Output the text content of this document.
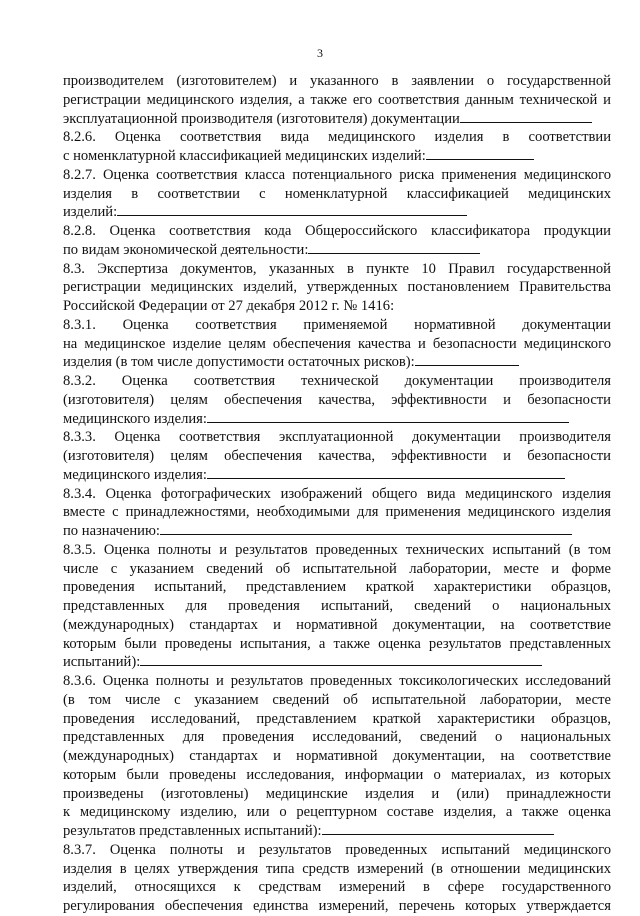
3

производителем (изготовителем) и указанного в заявлении о государственной
регистрации медицинского изделия, а также его соответствия данным технической и
эксплуатационной производителя (изготовителя) документации

8.2.6. Оценка соответствия вида медицинского изделия в соответствии
с номенклатурной классификацией медицинских изделий:

8.2.7. Оценка соответствия класса потенциального риска применения медицинского
изделия в соответствии с номенклатурной классификацией медицинских
изделий:

8.2.8. Оценка соответствия кода Общероссийского классификатора продукции
по видам экономической деятельности:

8.3. Экспертиза документов, указанных в пункте 10 Правил государственной
регистрации медицинских изделий, утвержденных постановлением Правительства
Российской Федерации от 27 декабря 2012 г. № 1416:

8.3.1. Оценка соответствия применяемой нормативной документации
на медицинское изделие целям обеспечения качества и безопасности медицинского
изделия (в том числе допустимости остаточных рисков):

8.3.2. Оценка соответствия технической документации производителя
(изготовителя) целям обеспечения качества, эффективности и безопасности
медицинского изделия:

8.3.3. Оценка соответствия эксплуатационной документации производителя
(изготовителя) целям обеспечения качества, эффективности и безопасности
медицинского изделия:

8.3.4. Оценка фотографических изображений общего вида медицинского изделия
вместе с принадлежностями, необходимыми для применения медицинского изделия
по назначению:

8.3.5. Оценка полноты и результатов проведенных технических испытаний (в том
числе с указанием сведений об испытательной лаборатории, месте и форме
проведения испытаний, представлением краткой характеристики образцов,
представленных для проведения испытаний, сведений о национальных
(международных) стандартах и нормативной документации, на соответствие
которым были проведены испытания, а также оценка результатов представленных
испытаний):

8.3.6. Оценка полноты и результатов проведенных токсикологических исследований
(в том числе с указанием сведений об испытательной лаборатории, месте
проведения исследований, представлением краткой характеристики образцов,
представленных для проведения исследований, сведений о национальных
(международных) стандартах и нормативной документации, на соответствие
которым были проведены исследования, информации о материалах, из которых
произведены (изготовлены) медицинские изделия и (или) принадлежности
к медицинскому изделию, или о рецептурном составе изделия, а также оценка
результатов представленных испытаний):

8.3.7. Оценка полноты и результатов проведенных испытаний медицинского
изделия в целях утверждения типа средств измерений (в отношении медицинских
изделий, относящихся к средствам измерений в сфере государственного
регулирования обеспечения единства измерений, перечень которых утверждается
